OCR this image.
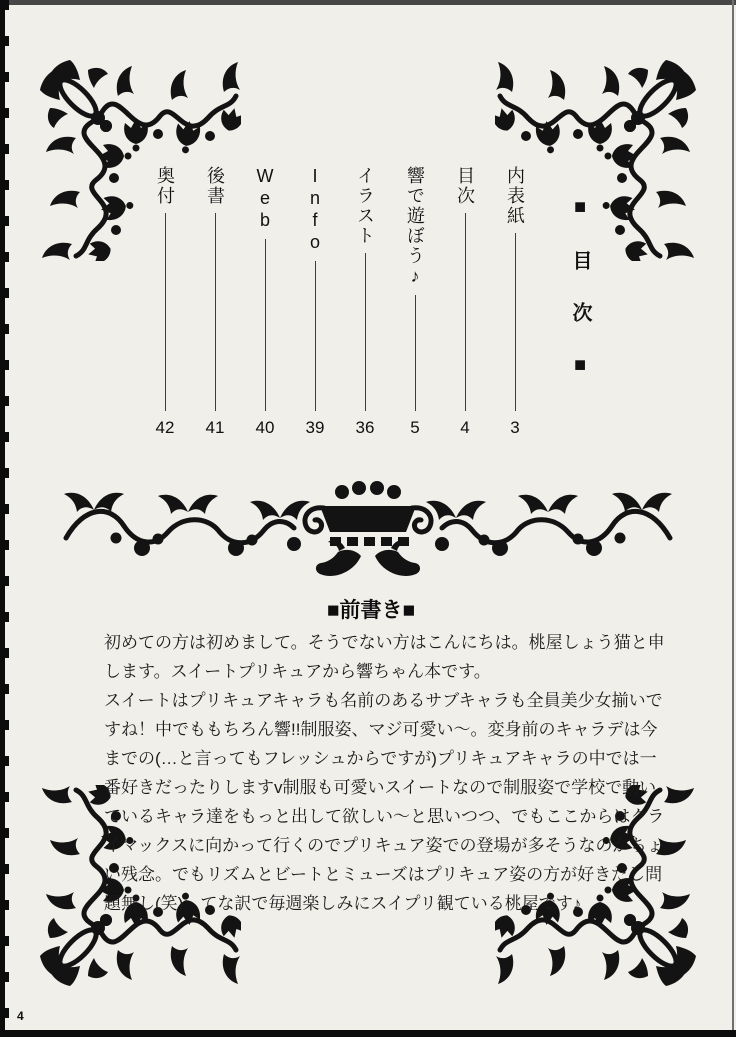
■目次■
内表紙
3
目次
4
響で遊ぼう♪
5
イラスト
36
Info
39
Web
40
後書
41
奥付
42
■前書き■
初めての方は初めまして。そうでない方はこんにちは。桃屋しょう猫と申
します。スイートプリキュアから響ちゃん本です。
スイートはプリキュアキャラも名前のあるサブキャラも全員美少女揃いで
すね！中でももちろん響!!制服姿、マジ可愛い〜。変身前のキャラデは今
までの(…と言ってもフレッシュからですが)プリキュアキャラの中では一
番好きだったりしますv制服も可愛いスイートなので制服姿で学校で動い
ているキャラ達をもっと出して欲しい〜と思いつつ、でもここからはクラ
イマックスに向かって行くのでプリキュア姿での登場が多そうなのがちょ
い残念。でもリズムとビートとミューズはプリキュア姿の方が好きだし問
題無し(笑)。てな訳で毎週楽しみにスイプリ観ている桃屋です♪
4
